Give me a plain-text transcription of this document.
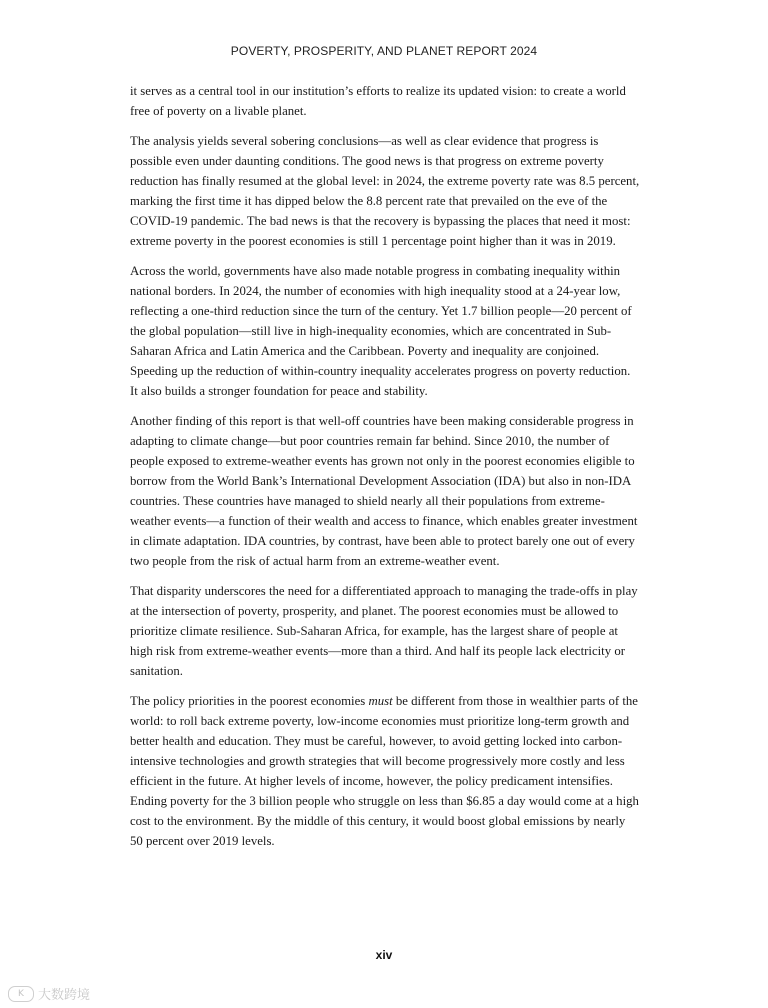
POVERTY, PROSPERITY, AND PLANET REPORT 2024

it serves as a central tool in our institution’s efforts to realize its updated vision: to create a world free of poverty on a livable planet.

The analysis yields several sobering conclusions—as well as clear evidence that progress is possible even under daunting conditions. The good news is that progress on extreme poverty reduction has finally resumed at the global level: in 2024, the extreme poverty rate was 8.5 percent, marking the first time it has dipped below the 8.8 percent rate that prevailed on the eve of the COVID-19 pandemic. The bad news is that the recovery is bypassing the places that need it most: extreme poverty in the poorest economies is still 1 percentage point higher than it was in 2019.

Across the world, governments have also made notable progress in combating inequality within national borders. In 2024, the number of economies with high inequality stood at a 24-year low, reflecting a one-third reduction since the turn of the century. Yet 1.7 billion people—20 percent of the global population—still live in high-inequality economies, which are concentrated in Sub-Saharan Africa and Latin America and the Caribbean. Poverty and inequality are conjoined. Speeding up the reduction of within-country inequality accelerates progress on poverty reduction. It also builds a stronger foundation for peace and stability.

Another finding of this report is that well-off countries have been making considerable progress in adapting to climate change—but poor countries remain far behind. Since 2010, the number of people exposed to extreme-weather events has grown not only in the poorest economies eligible to borrow from the World Bank’s International Development Association (IDA) but also in non-IDA countries. These countries have managed to shield nearly all their populations from extreme-weather events—a function of their wealth and access to finance, which enables greater investment in climate adaptation. IDA countries, by contrast, have been able to protect barely one out of every two people from the risk of actual harm from an extreme-weather event.

That disparity underscores the need for a differentiated approach to managing the trade-offs in play at the intersection of poverty, prosperity, and planet. The poorest economies must be allowed to prioritize climate resilience. Sub-Saharan Africa, for example, has the largest share of people at high risk from extreme-weather events—more than a third. And half its people lack electricity or sanitation.

The policy priorities in the poorest economies must be different from those in wealthier parts of the world: to roll back extreme poverty, low-income economies must prioritize long-term growth and better health and education. They must be careful, however, to avoid getting locked into carbon-intensive technologies and growth strategies that will become progressively more costly and less efficient in the future. At higher levels of income, however, the policy predicament intensifies. Ending poverty for the 3 billion people who struggle on less than $6.85 a day would come at a high cost to the environment. By the middle of this century, it would boost global emissions by nearly 50 percent over 2019 levels.

xiv
K	大数跨境
